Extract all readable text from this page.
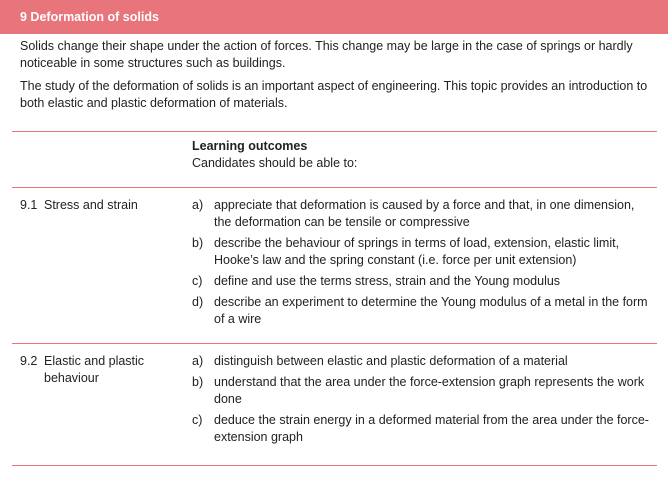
9 Deformation of solids

Solids change their shape under the action of forces. This change may be large in the case of springs or hardly noticeable in some structures such as buildings.

The study of the deformation of solids is an important aspect of engineering. This topic provides an introduction to both elastic and plastic deformation of materials.

Learning outcomes
Candidates should be able to:
9.1 Stress and strain	a) appreciate that deformation is caused by a force and that, in one dimension, the deformation can be tensile or compressive
b) describe the behaviour of springs in terms of load, extension, elastic limit, Hooke’s law and the spring constant (i.e. force per unit extension)
c) define and use the terms stress, strain and the Young modulus
d) describe an experiment to determine the Young modulus of a metal in the form of a wire
9.2 Elastic and plastic
behaviour
a) distinguish between elastic and plastic deformation of a material
b) understand that the area under the force-extension graph represents the work done
c) deduce the strain energy in a deformed material from the area under the force-extension graph
